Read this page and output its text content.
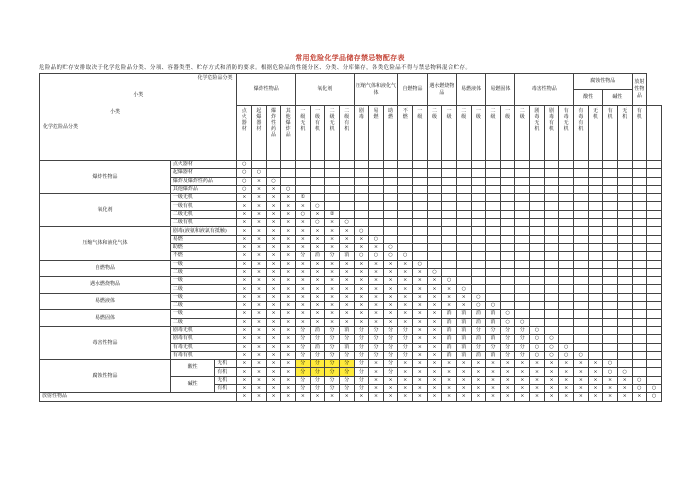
常用危险化学品储存禁忌物配存表
危险品的贮存安排取决于化学危险品分类、分项、容器类型、贮存方式和消防的要求。根据危险品的性能分区、分类、分库储存，各类危险品不得与禁忌物料混合贮存。
化学危险品分类
小类
小类
化学危险品分类			爆炸性物品				氧化剂				压缩气体和液化气体			自燃物品		遇水燃烧物品		易燃液体		易燃固体		毒害性物品				腐蚀性物品				放射性物品	
																										酸性		碱性			

			点火器材	起爆器材	爆炸性药品	其他爆炸品	一级无机	一级有机	二级无机	二级有机	剧毒	易燃	助燃	不燃	一级	二级	一级	二级	一级	二级	一级	二级	剧毒无机	剧毒有机	有毒无机	有毒有机	无机	有机	无机	有机	

爆炸性物品	点火器材		○																												
	起爆器材		○	○																											
	爆炸及爆炸性药品		○	×	○																										
	其他爆炸品		○	×	×	○																									
氧化剂	一级无机		×	×	×	×	①																								
	一级有机		×	×	×	×	×	○																							
	二级无机		×	×	×	×	○	×	②																						
	二级有机		×	×	×	×	×	○	×	○																					
压缩气体和液化气体	剧毒(液氨和液氯有抵触)		×	×	×	×	×	×	×	×	○																				
	易燃		×	×	×	×	×	×	×	×	×	○																			
	助燃		×	×	×	×	×	×	×	×	×	×	○																		
	不燃		×	×	×	×	分	消	分	消	○	○	○	○																	
自燃物品	一级		×	×	×	×	×	×	×	×	×	×	×	×	○																
	二级		×	×	×	×	×	×	×	×	×	×	×	×	×	○															
遇水燃烧物品	一级		×	×	×	×	×	×	×	×	×	×	×	×	×	×	○														
	二级		×	×	×	×	×	×	×	×	×	×	×	×	×	×	×	○													
易燃液体	一级		×	×	×	×	×	×	×	×	×	×	×	×	×	×	×	×	○												
	二级		×	×	×	×	×	×	×	×	×	×	×	×	×	×	×	×	○	○											
易燃固体	一级		×	×	×	×	×	×	×	×	×	×	×	×	×	×	消	消	消	消	○										
	二级		×	×	×	×	×	×	×	×	×	×	×	×	×	×	消	消	消	消	○	○									
毒害性物品	剧毒无机		×	×	×	×	分	消	分	消	分	分	分	分	×	×	消	消	分	分	分	分	○								
	剧毒有机		×	×	×	×	分	分	分	分	分	分	分	分	×	×	消	消	消	消	分	分	○	○							
	有毒无机		×	×	×	×	分	消	分	消	分	分	分	分	×	×	消	消	分	分	分	分	○	○	○						
	有毒有机		×	×	×	×	分	分	分	分	分	分	分	分	×	×	消	消	消	消	分	分	○	○	○	○					
腐蚀性物品	酸性	无机	×	×	×	×	分	分	分	分	分	×	分	×	×	×	×	×	×	×	×	×	×	×	×	×	×	○			
		有机	×	×	×	×	分	分	分	分	分	×	分	×	×	×	×	×	×	×	×	×	×	×	×	×	×	○	○		
	碱性	无机	×	×	×	×	分	分	分	分	分	×	×	×	×	×	×	×	×	×	×	×	×	×	×	×	×	×	×	○	
		有机	×	×	×	×	分	分	分	分	分	×	×	×	×	×	×	×	×	×	×	×	×	×	×	×	×	×	×	○	○
放射性物品			×	×	×	×	×	×	×	×	×	×	×	×	×	×	×	×	×	×	×	×	×	×	×	×	×	×	×	×	○
